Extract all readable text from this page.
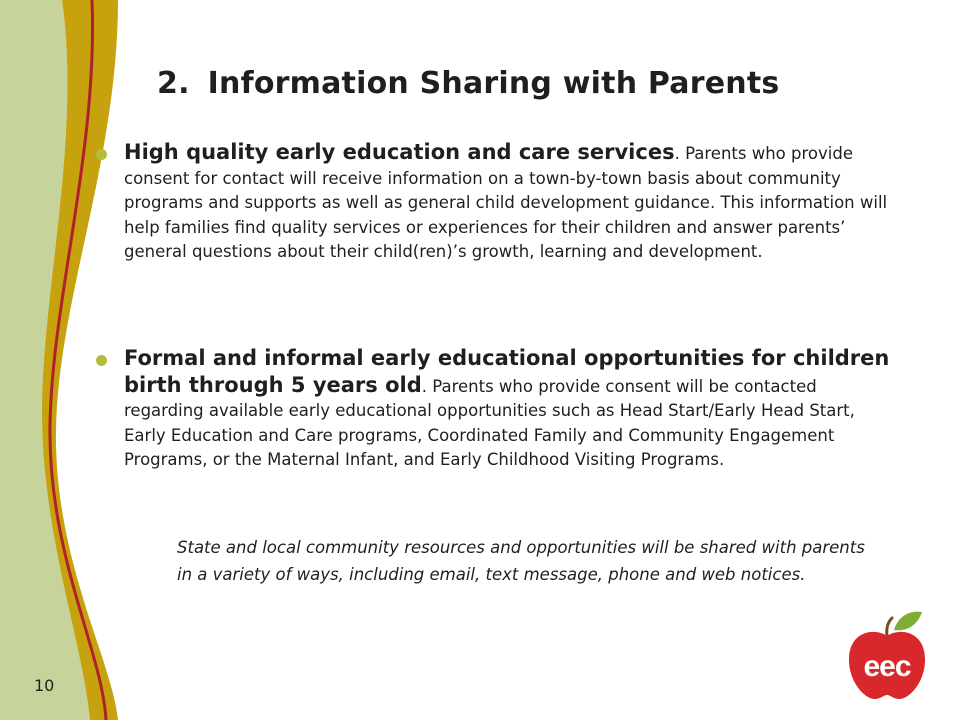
2. Information Sharing with Parents
High quality early education and care services. Parents who provide consent for contact will receive information on a town-by-town basis about community programs and supports as well as general child development guidance. This information will help families find quality services or experiences for their children and answer parents’ general questions about their child(ren)’s growth, learning and development.
Formal and informal early educational opportunities for children birth through 5 years old. Parents who provide consent will be contacted regarding available early educational opportunities such as Head Start/Early Head Start, Early Education and Care programs, Coordinated Family and Community Engagement Programs, or the Maternal Infant, and Early Childhood Visiting Programs.

State and local community resources and opportunities will be shared with parents in a variety of ways, including email, text message, phone and web notices.

10
eec
